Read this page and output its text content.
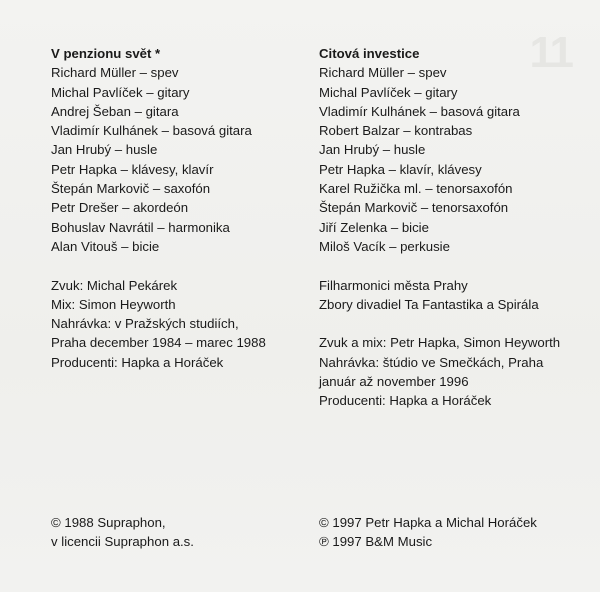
11
V penzionu svět *
Richard Müller – spev
Michal Pavlíček – gitary
Andrej Šeban – gitara
Vladimír Kulhánek – basová gitara
Jan Hrubý – husle
Petr Hapka – klávesy, klavír
Štepán Markovič – saxofón
Petr Drešer – akordeón
Bohuslav Navrátil – harmonika
Alan Vitouš – bicie
Zvuk: Michal Pekárek
Mix: Simon Heyworth
Nahrávka: v Pražských studiích,
Praha december 1984 – marec 1988
Producenti: Hapka a Horáček
Citová investice
Richard Müller – spev
Michal Pavlíček – gitary
Vladimír Kulhánek – basová gitara
Robert Balzar – kontrabas
Jan Hrubý – husle
Petr Hapka – klavír, klávesy
Karel Ružička ml. – tenorsaxofón
Štepán Markovič – tenorsaxofón
Jiří Zelenka – bicie
Miloš Vacík – perkusie
Filharmonici města Prahy
Zbory divadiel Ta Fantastika a Spirála
Zvuk a mix: Petr Hapka, Simon Heyworth
Nahrávka: štúdio ve Smečkách, Praha
január až november 1996
Producenti: Hapka a Horáček
© 1988 Supraphon,
v licencii Supraphon a.s.
© 1997 Petr Hapka a Michal Horáček
℗ 1997 B&M Music
